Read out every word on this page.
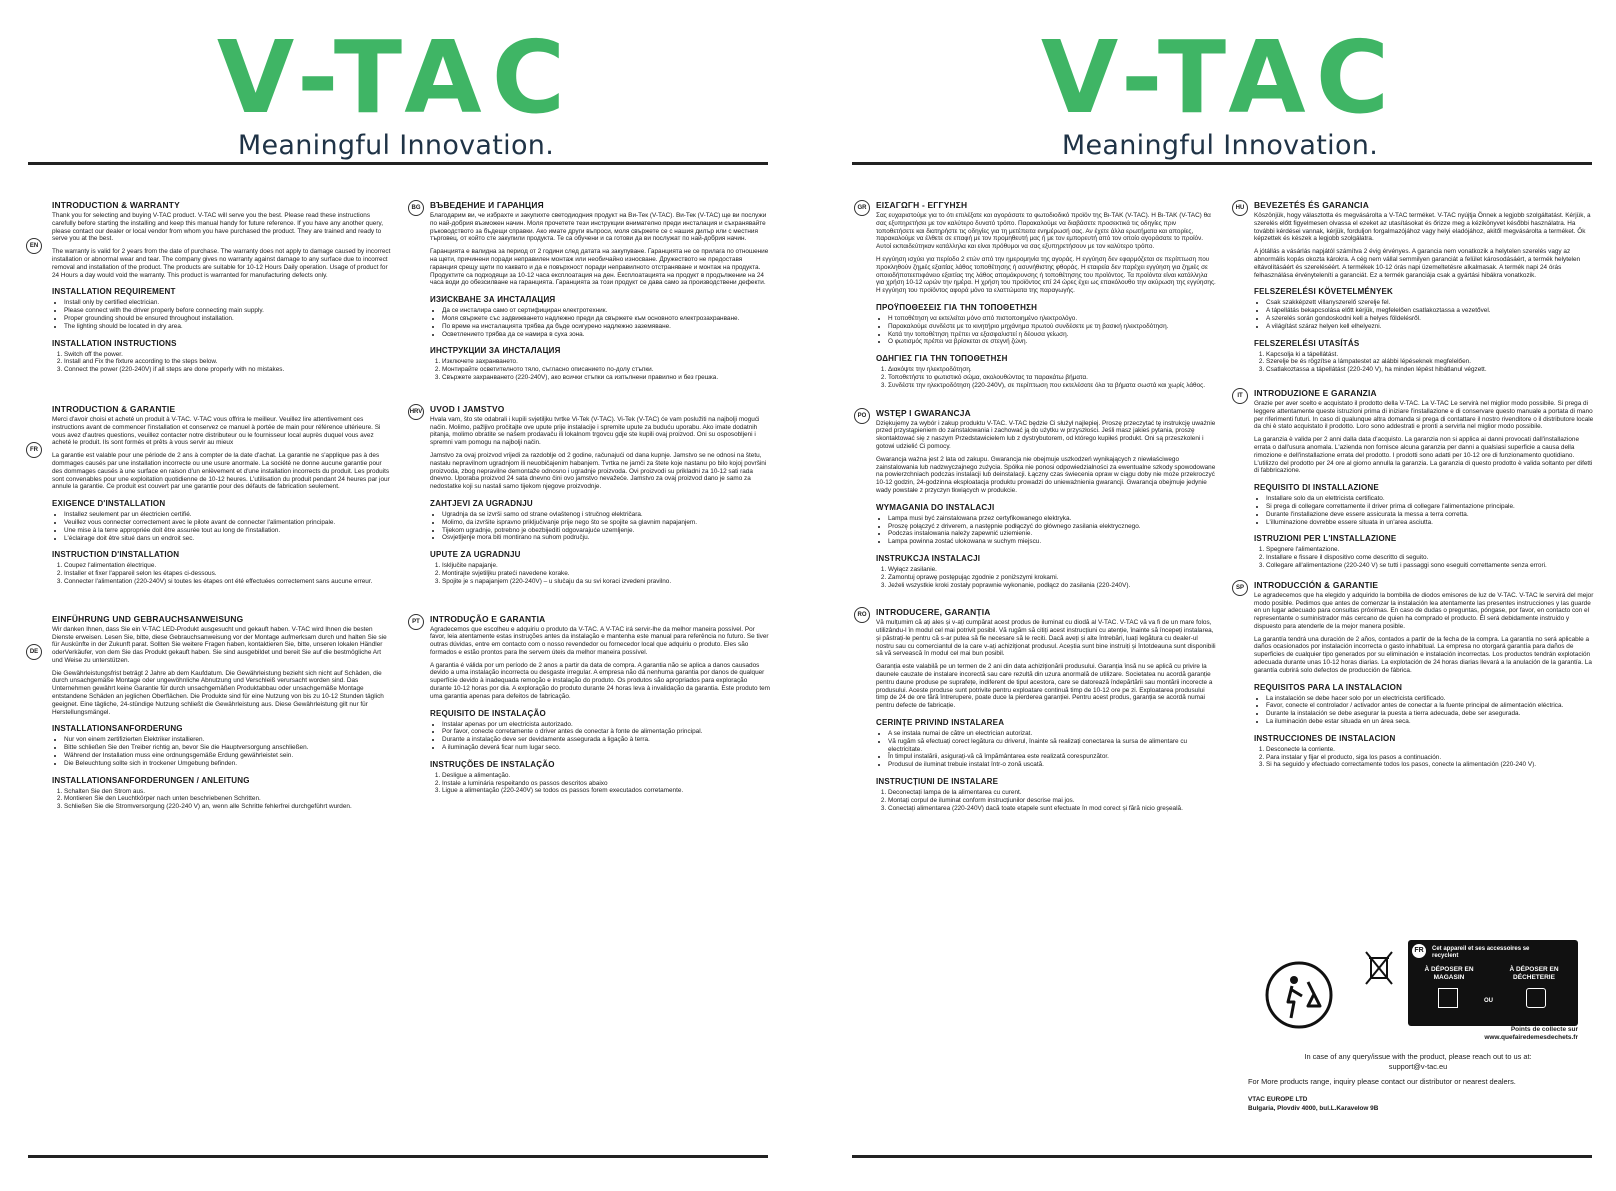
V-TAC
Meaningful Innovation.
EN
INTRODUCTION & WARRANTY

Thank you for selecting and buying V-TAC product. V-TAC will serve you the best. Please read these instructions carefully before starting the installing and keep this manual handy for future reference. If you have any another query, please contact our dealer or local vendor from whom you have purchased the product. They are trained and ready to serve you at the best.

The warranty is valid for 2 years from the date of purchase. The warranty does not apply to damage caused by incorrect installation or abnormal wear and tear. The company gives no warranty against damage to any surface due to incorrect removal and installation of the product. The products are suitable for 10-12 Hours Daily operation. Usage of product for 24 Hours a day would void the warranty. This product is warranted for manufacturing defects only.

INSTALLATION REQUIREMENT
• Install only by certified electrician.
• Please connect with the driver properly before connecting main supply.
• Proper grounding should be ensured throughout installation.
• The lighting should be located in dry area.
INSTALLATION INSTRUCTIONS
1. Switch off the power.
2. Install and Fix the fixture according to the steps below.
3. Connect the power (220-240V) if all steps are done properly with no mistakes.
FR
INTRODUCTION & GARANTIE

Merci d'avoir choisi et acheté un produit à V-TAC. V-TAC vous offrira le meilleur. Veuillez lire attentivement ces instructions avant de commencer l'installation et conservez ce manuel à portée de main pour référence ultérieure. Si vous avez d'autres questions, veuillez contacter notre distributeur ou le fournisseur local auprès duquel vous avez acheté le produit. Ils sont formés et prêts à vous servir au mieux

La garantie est valable pour une période de 2 ans à compter de la date d'achat. La garantie ne s'applique pas à des dommages causés par une installation incorrecte ou une usure anormale. La société ne donne aucune garantie pour des dommages causés à une surface en raison d'un enlèvement et d'une installation incorrects du produit. Les produits sont convenables pour une exploitation quotidienne de 10-12 heures. L'utilisation du produit pendant 24 heures par jour annule la garantie. Ce produit est couvert par une garantie pour des défauts de fabrication seulement.

EXIGENCE D'INSTALLATION
• Installez seulement par un électricien certifié.
• Veuillez vous connecter correctement avec le pilote avant de connecter l'alimentation principale.
• Une mise à la terre appropriée doit être assurée tout au long de l'installation.
• L'éclairage doit être situé dans un endroit sec.
INSTRUCTION D'INSTALLATION
1. Coupez l'alimentation électrique.
2. Installer et fixer l'appareil selon les étapes ci-dessous.
3. Connecter l'alimentation (220-240V) si toutes les étapes ont été effectuées correctement sans aucune erreur.
DE
EINFÜHRUNG UND GEBRAUCHSANWEISUNG

Wir danken Ihnen, dass Sie ein V-TAC LED-Produkt ausgesucht und gekauft haben. V-TAC wird Ihnen die besten Dienste erweisen. Lesen Sie, bitte, diese Gebrauchsanweisung vor der Montage aufmerksam durch und halten Sie sie für Auskünfte in der Zukunft parat. Sollten Sie weitere Fragen haben, kontaktieren Sie, bitte, unseren lokalen Händler oderVerkäufer, von dem Sie das Produkt gekauft haben. Sie sind ausgebildet und bereit Sie auf die bestmögliche Art und Weise zu unterstützen.

Die Gewährleistungsfrist beträgt 2 Jahre ab dem Kaufdatum. Die Gewährleistung bezieht sich nicht auf Schäden, die durch unsachgemäße Montage oder ungewöhnliche Abnutzung und Verschleiß verursacht worden sind. Das Unternehmen gewährt keine Garantie für durch unsachgemäßen Produktabbau oder unsachgemäße Montage entstandene Schäden an jeglichen Oberflächen. Die Produkte sind für eine Nutzung von bis zu 10-12 Stunden täglich geeignet. Eine tägliche, 24-stündige Nutzung schließt die Gewährleistung aus. Diese Gewährleistung gilt nur für Herstellungsmängel.

INSTALLATIONSANFORDERUNG
• Nur von einem zertifizierten Elektriker installieren.
• Bitte schließen Sie den Treiber richtig an, bevor Sie die Hauptversorgung anschließen.
• Während der Installation muss eine ordnungsgemäße Erdung gewährleistet sein.
• Die Beleuchtung sollte sich in trockener Umgebung befinden.
INSTALLATIONSANFORDERUNGEN / ANLEITUNG
1. Schalten Sie den Strom aus.
2. Montieren Sie den Leuchtkörper nach unten beschriebenen Schritten.
3. Schließen Sie die Stromversorgung (220-240 V) an, wenn alle Schritte fehlerfrei durchgeführt wurden.
BG	ВЪВЕДЕНИЕ И ГАРАНЦИЯ

Благодарим ви, че избрахте и закупихте светодиодния продукт на Ви-Тек (V-TAC). Ви-Тек (V-TAC) ще ви послужи по най-добрия възможен начин. Моля прочетете тези инструкции внимателно преди инсталация и съхранявайте ръководството за бъдещи справки. Ако имате други въпроси, моля свържете се с нашия дилър или с местния търговец, от който сте закупили продукта. Те са обучени и са готови да ви послужат по най-добрия начин.

Гаранцията е валидна за период от 2 години след датата на закупуване. Гаранцията не се прилага по отношение на щети, причинени поради неправилен монтаж или необичайно износване. Дружеството не предоставя гаранция срещу щети по каквато и да е повърхност поради неправилното отстраняване и монтаж на продукта. Продуктите са подходящи за 10-12 часа експлоатация на ден. Експлоатацията на продукт в продължение на 24 часа води до обезсилване на гаранцията. Гаранцията за този продукт се дава само за производствени дефекти.

ИЗИСКВАНЕ ЗА ИНСТАЛАЦИЯ
• Да се инсталира само от сертифициран електротехник.
• Моля свържете със задвижването надлежно преди да свържете към основното електрозахранване.
• По време на инсталацията трябва да бъде осигурено надлежно заземяване.
• Осветлението трябва да се намира в суха зона.
ИНСТРУКЦИИ ЗА ИНСТАЛАЦИЯ
1. Изключете захранването.
2. Монтирайте осветителното тяло, съгласно описанието по-долу стъпки.
3. Свържете захранването (220-240V), ако всички стъпки са изпълнени правилно и без грешка.
HRV UVOD I JAMSTVO

Hvala vam, što ste odabrali i kupili svjetiljku tvrtke Vi-Tek (V-TAC). Vi-Tek (V-TAC) će vam poslužiti na najbolji mogući način. Molimo, pažljivo pročitajte ove upute prije instalacije i spremite upute za buduću uporabu. Ako imate dodatnih pitanja, molimo obratite se našem prodavaču ili lokalnom trgovcu gdje ste kupili ovaj proizvod. Oni su osposobljeni i spremni vam pomogu na najbolji način.

Jamstvo za ovaj proizvod vrijedi za razdoblje od 2 godine, računajući od dana kupnje. Jamstvo se ne odnosi na štetu, nastalu nepravilnom ugradnjom ili neuobičajenim habanjem. Tvrtka ne jamči za štete koje nastanu po bilo kojoj površini proizvoda, zbog nepravilne demontaže odnosno i ugradnje proizvoda. Ovi proizvodi su prikladni za 10-12 sati rada dnevno. Uporaba proizvod 24 sata dnevno čini ovo jamstvo nevažeće. Jamstvo za ovaj proizvod dano je samo za nedostatke koji su nastali samo tijekom njegove proizvodnje.

ZAHTJEVI ZA UGRADNJU
• Ugradnja da se izvrši samo od strane ovlaštenog i stručnog električara.
• Molimo, da izvršite ispravno priključivanje prije nego što se spojite sa glavnim napajanjem.
• Tijekom ugradnje, potrebno je obezbijediti odgovarajuće uzemljenje.
• Osvjetljenje mora biti montirano na suhom području.
UPUTE ZA UGRADNJU
1. Isključite napajanje.
2. Montirajte svjetiljku prateći navedene korake.
3. Spojite je s napajanjem (220-240V) – u slučaju da su svi koraci izvedeni pravilno.
PT	INTRODUÇÃO E GARANTIA

Agradecemos que escolheu e adquiriu o produto da V-TAC. A V-TAC irá servir-lhe da melhor maneira possível. Por favor, leia atentamente estas instruções antes da instalação e mantenha este manual para referência no futuro. Se tiver outras dúvidas, entre em contacto com o nosso revendedor ou fornecedor local que adquiriu o produto. Eles são formados e estão prontos para lhe servem úteis da melhor maneira possível.

A garantia é válida por um período de 2 anos a partir da data de compra. A garantia não se aplica a danos causados devido a uma instalação incorrecta ou desgaste irregular. A empresa não dá nenhuma garantia por danos de qualquer superfície devido à inadequada remoção e instalação do produto. Os produtos são apropriados para exploração durante 10-12 horas por dia. A exploração do produto durante 24 horas leva à invalidação da garantia. Este produto tem uma garantia apenas para defeitos de fabricação.

REQUISITO DE INSTALAÇÃO
• Instalar apenas por um electricista autorizado.
• Por favor, conecte corretamente o driver antes de conectar à fonte de alimentação principal.
• Durante a instalação deve ser devidamente assegurada a ligação à terra.
• A iluminação deverá ficar num lugar seco.
INSTRUÇÕES DE INSTALAÇÃO
1. Desligue a alimentação.
2. Instale a luminária respeitando os passos descritos abaixo
3. Ligue a alimentação (220-240V) se todos os passos forem executados corretamente.
V-TAC
Meaningful Innovation.
GR	ΕΙΣΑΓΩΓΗ - ΕΓΓΥΗΣΗ

Σας ευχαριστούμε για το ότι επιλέξατε και αγοράσατε το φωτοδιοδικό προϊόν της Βι-ΤΑΚ (V-TAC). Η Βι-ΤΑΚ (V-TAC) θα σας εξυπηρετήσει με τον καλύτερο δυνατό τρόπο. Παρακαλούμε να διαβάσετε προσεκτικά τις οδηγίες πριν τοποθετήσετε και διατηρήστε τις οδηγίες για τη μετέπειτα ενημέρωσή σας. Αν έχετε άλλα ερωτήματα και απορίες, παρακαλούμε να έλθετε σε επαφή με τον προμηθευτή μας ή με τον εμπορευτή από τον οποίο αγοράσατε το προϊόν. Αυτοί εκπαιδεύτηκαν κατάλληλα και είναι πρόθυμοι να σας εξυπηρετήσουν με τον καλύτερο τρόπο.

Η εγγύηση ισχύει για περίοδο 2 ετών από την ημερομηνία της αγοράς. Η εγγύηση δεν εφαρμόζεται σε περίπτωση που προκληθούν ζημιές εξαιτίας λάθος τοποθέτησης ή ασυνήθιστης φθοράς. Η εταιρεία δεν παρέχει εγγύηση για ζημιές σε οποιοδήποτεεπιφάνειο εξαιτίας της λάθος απομάκρυνσης ή τοποθέτησης του προϊόντος. Τα προϊόντα είναι κατάλληλα για χρήση 10-12 ωρών την ημέρα. Η χρήση του προϊόντος επί 24 ώρες έχει ως επακόλουθο την ακύρωση της εγγύησης. Η εγγύηση του προϊόντος αφορά μόνο τα ελαττώματα της παραγωγής.

ΠΡΟΫΠΟΘΕΣΕΙΣ ΓΙΑ ΤΗΝ ΤΟΠΟΘΕΤΗΣΗ
• Η τοποθέτηση να εκτελείται μόνο από πιστοποιημένο ηλεκτρολόγο.
• Παρακαλούμε συνδέστε με το κινητήριο μηχάνημα πρωτού συνδέσετε με τη βασική ηλεκτροδότηση.
• Κατά την τοποθέτηση πρέπει να εξασφαλιστεί η δέουσα γείωση.
• Ο φωτισμός πρέπει να βρίσκεται σε στεγνή ζώνη.
ΟΔΗΓΙΕΣ ΓΙΑ ΤΗΝ ΤΟΠΟΘΕΤΗΣΗ
1. Διακόψτε την ηλεκτροδότηση.
2. Τοποθετήστε το φωτιστικό σώμα, ακολουθώντας τα παρακάτω βήματα.
3. Συνδέστε την ηλεκτροδότηση (220-240V), σε περίπτωση που εκτελέσατε όλα τα βήματα σωστά και χωρίς λάθος.
PO	WSTĘP I GWARANCJA

Dziękujemy za wybór i zakup produktu V-TAC. V-TAC będzie Ci służył najlepiej. Proszę przeczytać tę instrukcję uważnie przed przystąpieniem do zainstalowania i zachować ją do użytku w przyszłości. Jeśli masz jakieś pytania, proszę skontaktować się z naszym Przedstawicielem lub z dystrybutorem, od którego kupiłeś produkt. Oni są przeszkoleni i gotowi udzielić Ci pomocy.

Gwarancja ważna jest 2 lata od zakupu. Gwarancja nie obejmuje uszkodzeń wynikających z niewłaściwego zainstalowania lub nadzwyczajnego zużycia. Spółka nie ponosi odpowiedzialności za ewentualne szkody spowodowane na powierzchniach podczas instalacji lub deinstalacji. Łączny czas świecenia opraw w ciągu doby nie może przekroczyć 10-12 godzin, 24-godzinna eksploatacja produktu prowadzi do unieważnienia gwarancji. Gwarancja obejmuje jedynie wady powstałe z przyczyn tkwiących w produkcie.

WYMAGANIA DO INSTALACJI
• Lampa musi być zainstalowana przez certyfikowanego elektryka.
• Proszę połączyć z driverem, a następnie podłączyć do głównego zasilania elektrycznego.
• Podczas instalowania należy zapewnić uziemienie.
• Lampa powinna zostać ulokowana w suchym miejscu.
INSTRUKCJA INSTALACJI
1. Wyłącz zasilanie.
2. Zamontuj oprawę postępując zgodnie z poniższymi krokami.
3. Jeżeli wszystkie kroki zostały poprawnie wykonanie, podłącz do zasilania (220-240V).
RO	INTRODUCERE, GARANȚIA

Vă mulțumim că ați ales și v-ați cumpărat acest produs de iluminat cu diodă al V-TAC. V-TAC vă va fi de un mare folos, utilizându-l în modul cel mai potrivit posibil. Vă rugăm să citiți acest instrucțiuni cu atenție, înainte să începeți instalarea, și păstrați-le pentru că s-ar putea să fie necesare să le reciti. Dacă aveți și alte întrebări, luați legătura cu dealer-ul nostru sau cu comerciantul de la care v-ați achiziționat produsul. Aceștia sunt bine instruiți și întotdeauna sunt disponibili să vă servească în modul cel mai bun posibil.

Garanția este valabilă pe un termen de 2 ani din data achiziționării produsului. Garanția însă nu se aplică cu privire la daunele cauzate de instalare incorectă sau care rezultă din uzura anormală de utilizare. Societatea nu acordă garanție pentru daune produse pe suprafețe, indiferent de tipul acestora, care se datorează îndepărtării sau montării incorecte a produsului. Aceste produse sunt potrivite pentru exploatare continuă timp de 10-12 ore pe zi. Exploatarea produsului timp de 24 de ore fără întrerupere, poate duce la pierderea garanției. Pentru acest produs, garanția se acordă numai pentru defecte de fabricație.

CERINȚE PRIVIND INSTALAREA
• A se instala numai de către un electrician autorizat.
• Vă rugăm să efectuați corect legătura cu driverul, înainte să realizați conectarea la sursa de alimentare cu electricitate.
• În timpul instalării, asigurați-vă că împământarea este realizată corespunzător.
• Produsul de iluminat trebuie instalat într-o zonă uscată.
INSTRUCȚIUNI DE INSTALARE
1. Deconectați lampa de la alimentarea cu curent.
2. Montați corpul de iluminat conform instrucțiunilor descrise mai jos.
3. Conectați alimentarea (220-240V) dacă toate etapele sunt efectuate în mod corect și fără nicio greșeală.
HU	BEVEZETÉS ÉS GARANCIA

Köszönjük, hogy választotta és megvásárolta a V-TAC terméket. V-TAC nyújtja Önnek a legjobb szolgáltatást. Kérjük, a szerelés előtt figyelmesen olvassa el ezeket az utasításokat és őrizze meg a kézikönyvet későbbi használatra. Ha további kérdései vannak, kérjük, forduljon forgalmazójához vagy helyi eladójához, akitől megvásárolta a terméket. Ők képzettek és készek a legjobb szolgálatra.

A jótállás a vásárlás napjától számítva 2 évig érvényes. A garancia nem vonatkozik a helytelen szerelés vagy az abnormális kopás okozta károkra. A cég nem vállal semmilyen garanciát a felület károsodásáért, a termék helytelen eltávolításáért és szereléséért. A termékek 10-12 órás napi üzemeltetésre alkalmasak. A termék napi 24 órás felhasználása érvényteleníti a garanciát. Ez a termék garanciája csak a gyártási hibákra vonatkozik.

FELSZERELÉSI KÖVETELMÉNYEK
• Csak szakképzett villanyszerelő szerelje fel.
• A tápellátás bekapcsolása előtt kérjük, megfelelően csatlakoztassa a vezetővel.
• A szerelés során gondoskodni kell a helyes földelésről.
• A világítást száraz helyen kell elhelyezni.
FELSZERELÉSI UTASÍTÁS
1. Kapcsolja ki a tápellátást.
2. Szerelje be és rögzítse a lámpatestet az alábbi lépéseknek megfelelően.
3. Csatlakoztassa a tápellátást (220-240 V), ha minden lépést hibátlanul végzett.
IT	INTRODUZIONE E GARANZIA

Grazie per aver scelto e acquistato il prodotto della V-TAC. La V-TAC Le servirà nel miglior modo possibile. Si prega di leggere attentamente queste istruzioni prima di iniziare l'installazione e di conservare questo manuale a portata di mano per riferimenti futuri. In caso di qualunque altra domanda si prega di contattare il nostro rivenditore o il distributore locale da chi è stato acquistato il prodotto. Loro sono addestrati e pronti a servirla nel miglior modo possibile.

La garanzia è valida per 2 anni dalla data d'acquisto. La garanzia non si applica ai danni provocati dall'installazione errata o dall'usura anomala. L'azienda non fornisce alcuna garanzia per danni a qualsiasi superficie a causa della rimozione e dell'installazione errata del prodotto. I prodotti sono adatti per 10-12 ore di funzionamento quotidiano. L'utilizzo del prodotto per 24 ore al giorno annulla la garanzia. La garanzia di questo prodotto è valida soltanto per difetti di fabbricazione.

REQUISITO DI INSTALLAZIONE
• Installare solo da un elettricista certificato.
• Si prega di collegare correttamente il driver prima di collegare l'alimentazione principale.
• Durante l'installazione deve essere assicurata la messa a terra corretta.
• L'illuminazione dovrebbe essere situata in un'area asciutta.
ISTRUZIONI PER L'INSTALLAZIONE
1. Spegnere l'alimentazione.
2. Installare e fissare il dispositivo come descritto di seguito.
3. Collegare all'alimentazione (220-240 V) se tutti i passaggi sono eseguiti correttamente senza errori.
SP	INTRODUCCIÓN & GARANTIE

Le agradecemos que ha elegido y adquirido la bombilla de diodos emisores de luz de V-TAC. V-TAC le servirá del mejor modo posible. Pedimos que antes de comenzar la instalación lea atentamente las presentes instrucciones y las guarde en un lugar adecuado para consultas próximas. En caso de dudas o preguntas, póngase, por favor, en contacto con el representante o suministrador más cercano de quien ha comprado el producto. Él será debidamente instruido y dispuesto para atenderle de la mejor manera posible.

La garantía tendrá una duración de 2 años, contados a partir de la fecha de la compra. La garantía no será aplicable a daños ocasionados por instalación incorrecta o gasto inhabitual. La empresa no otorgará garantía para daños de superficies de cualquier tipo generados por su eliminación e instalación incorrectas. Los productos tendrán explotación adecuada durante unas 10-12 horas diarias. La explotación de 24 horas diarias llevará a la anulación de la garantía. La garantía cubrirá solo defectos de producción de fábrica.

REQUISITOS PARA LA INSTALACION
• La instalación se debe hacer solo por un electricista certificado.
• Favor, conecte el controlador / activador antes de conectar a la fuente principal de alimentación eléctrica.
• Durante la instalación se debe asegurar la puesta a tierra adecuada, debe ser asegurada.
• La iluminación debe estar situada en un área seca.
INSTRUCCIONES DE INSTALACION
1. Desconecte la corriente.
2. Para instalar y fijar el producto, siga los pasos a continuación.
3. Si ha seguido y efectuado correctamente todos los pasos, conecte la alimentación (220-240 V).
FR	Cet appareil et ses accessoires se recyclent
À DÉPOSER EN MAGASIN
À DÉPOSER EN DÉCHETERIE
OU
Points de collecte sur
www.quefairedemesdechets.fr

In case of any query/issue with the product, please reach out to us at:

support@v-tac.eu

For More products range, inquiry please contact our distributor or nearest dealers.

VTAC EUROPE LTD

Bulgaria, Plovdiv 4000, bul.L.Karavelow 9B
